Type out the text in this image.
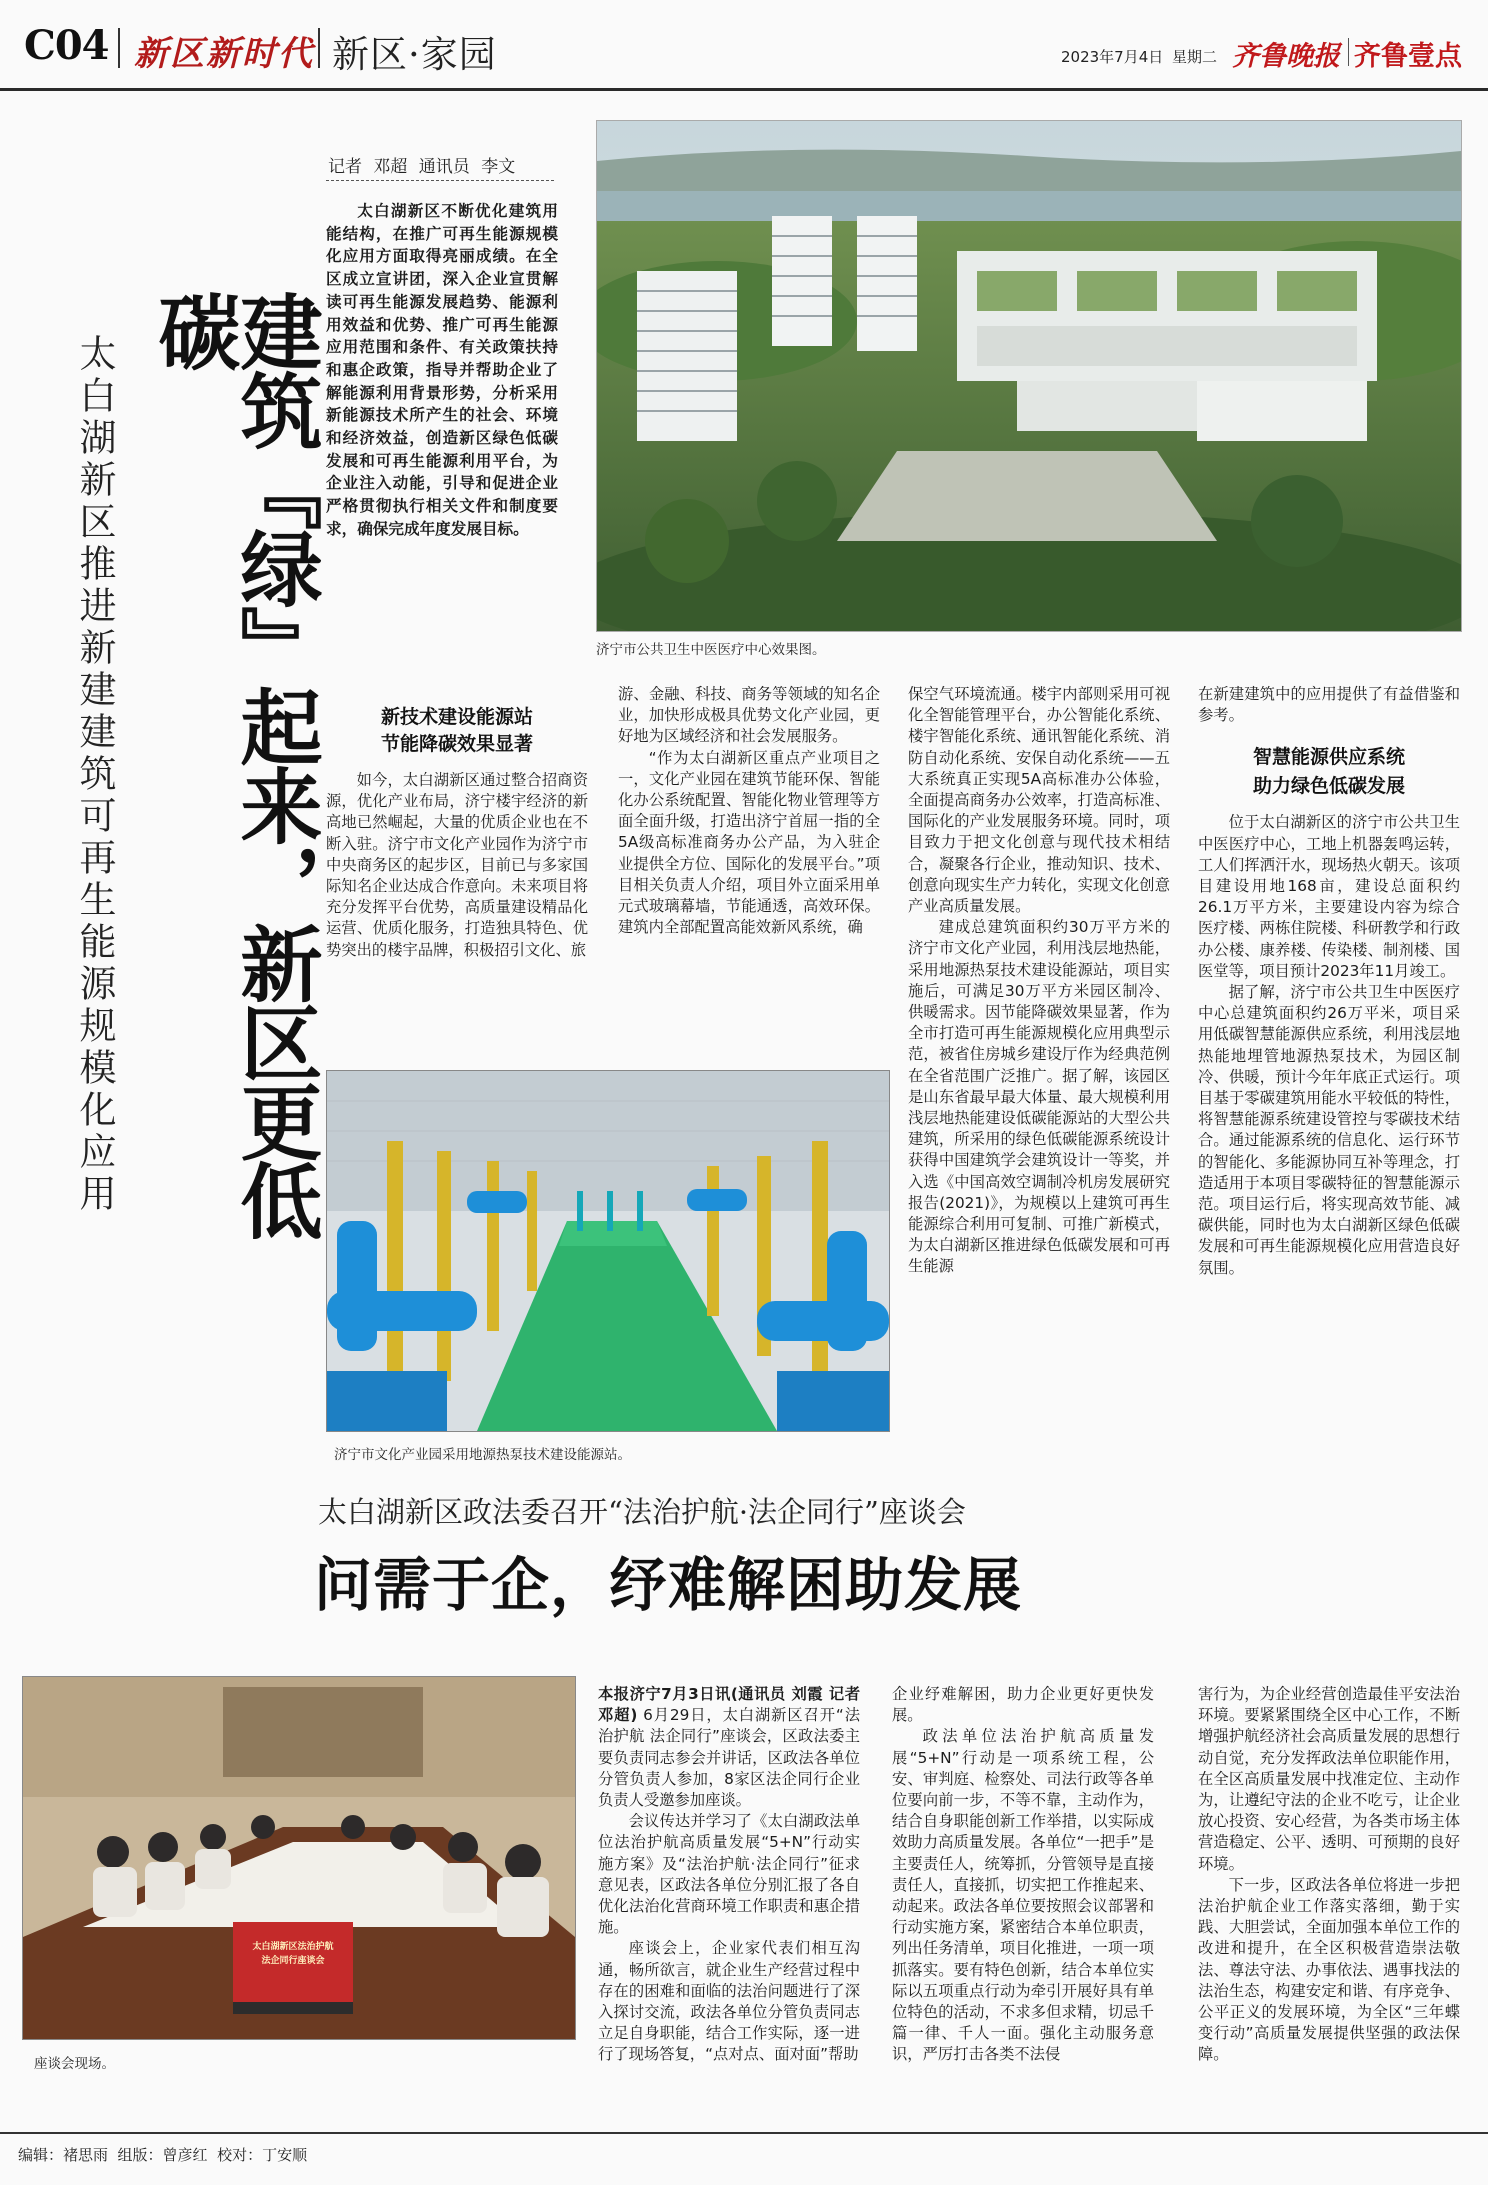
C04 新区新时代 新区·家园	2023年7月4日 星期二 齐鲁晚报 齐鲁壹点
记者 邓超 通讯员 李文

太白湖新区不断优化建筑用能结构，在推广可再生能源规模化应用方面取得亮丽成绩。在全区成立宣讲团，深入企业宣贯解读可再生能源发展趋势、能源利用效益和优势、推广可再生能源应用范围和条件、有关政策扶持和惠企政策，指导并帮助企业了解能源利用背景形势，分析采用新能源技术所产生的社会、环境和经济效益，创造新区绿色低碳发展和可再生能源利用平台，为企业注入动能，引导和促进企业严格贯彻执行相关文件和制度要求，确保完成年度发展目标。

建筑『绿』起来，新区更低碳
太白湖新区推进新建建筑可再生能源规模化应用	济宁市公共卫生中医医疗中心效果图。
新技术建设能源站
节能降碳效果显著

如今，太白湖新区通过整合招商资源，优化产业布局，济宁楼宇经济的新高地已然崛起，大量的优质企业也在不断入驻。济宁市文化产业园作为济宁市中央商务区的起步区，目前已与多家国际知名企业达成合作意向。未来项目将充分发挥平台优势，高质量建设精品化运营、优质化服务，打造独具特色、优势突出的楼宇品牌，积极招引文化、旅

游、金融、科技、商务等领域的知名企业，加快形成极具优势文化产业园，更好地为区域经济和社会发展服务。

“作为太白湖新区重点产业项目之一，文化产业园在建筑节能环保、智能化办公系统配置、智能化物业管理等方面全面升级，打造出济宁首屈一指的全5A级高标准商务办公产品，为入驻企业提供全方位、国际化的发展平台。”项目相关负责人介绍，项目外立面采用单元式玻璃幕墙，节能通透，高效环保。建筑内全部配置高能效新风系统，确

保空气环境流通。楼宇内部则采用可视化全智能管理平台，办公智能化系统、楼宇智能化系统、通讯智能化系统、消防自动化系统、安保自动化系统——五大系统真正实现5A高标准办公体验，全面提高商务办公效率，打造高标准、国际化的产业发展服务环境。同时，项目致力于把文化创意与现代技术相结合，凝聚各行企业，推动知识、技术、创意向现实生产力转化，实现文化创意产业高质量发展。

建成总建筑面积约30万平方米的济宁市文化产业园，利用浅层地热能，采用地源热泵技术建设能源站，项目实施后，可满足30万平方米园区制冷、供暖需求。因节能降碳效果显著，作为全市打造可再生能源规模化应用典型示范，被省住房城乡建设厅作为经典范例在全省范围广泛推广。据了解，该园区是山东省最早最大体量、最大规模利用浅层地热能建设低碳能源站的大型公共建筑，所采用的绿色低碳能源系统设计获得中国建筑学会建筑设计一等奖，并入选《中国高效空调制冷机房发展研究报告(2021)》，为规模以上建筑可再生能源综合利用可复制、可推广新模式，为太白湖新区推进绿色低碳发展和可再生能源

在新建建筑中的应用提供了有益借鉴和参考。

智慧能源供应系统
助力绿色低碳发展

位于太白湖新区的济宁市公共卫生中医医疗中心，工地上机器轰鸣运转，工人们挥洒汗水，现场热火朝天。该项目建设用地168亩，建设总面积约26.1万平方米，主要建设内容为综合医疗楼、两栋住院楼、科研教学和行政办公楼、康养楼、传染楼、制剂楼、国医堂等，项目预计2023年11月竣工。

据了解，济宁市公共卫生中医医疗中心总建筑面积约26万平米，项目采用低碳智慧能源供应系统，利用浅层地热能地埋管地源热泵技术，为园区制冷、供暖，预计今年年底正式运行。项目基于零碳建筑用能水平较低的特性，将智慧能源系统建设管控与零碳技术结合。通过能源系统的信息化、运行环节的智能化、多能源协同互补等理念，打造适用于本项目零碳特征的智慧能源示范。项目运行后，将实现高效节能、减碳供能，同时也为太白湖新区绿色低碳发展和可再生能源规模化应用营造良好氛围。

济宁市文化产业园采用地源热泵技术建设能源站。
太白湖新区政法委召开“法治护航·法企同行”座谈会
问需于企，纾难解困助发展
太白湖新区法治护航
法企同行座谈会
座谈会现场。

本报济宁7月3日讯(通讯员 刘霞 记者 邓超) 6月29日，太白湖新区召开“法治护航 法企同行”座谈会，区政法委主要负责同志参会并讲话，区政法各单位分管负责人参加，8家区法企同行企业负责人受邀参加座谈。

会议传达并学习了《太白湖政法单位法治护航高质量发展“5+N”行动实施方案》及“法治护航·法企同行”征求意见表，区政法各单位分别汇报了各自优化法治化营商环境工作职责和惠企措施。

座谈会上，企业家代表们相互沟通，畅所欲言，就企业生产经营过程中存在的困难和面临的法治问题进行了深入探讨交流，政法各单位分管负责同志立足自身职能，结合工作实际，逐一进行了现场答复，“点对点、面对面”帮助

企业纾难解困，助力企业更好更快发展。

政法单位法治护航高质量发展“5+N”行动是一项系统工程，公安、审判庭、检察处、司法行政等各单位要向前一步，不等不靠，主动作为，结合自身职能创新工作举措，以实际成效助力高质量发展。各单位“一把手”是主要责任人，统筹抓，分管领导是直接责任人，直接抓，切实把工作推起来、动起来。政法各单位要按照会议部署和行动实施方案，紧密结合本单位职责，列出任务清单，项目化推进，一项一项抓落实。要有特色创新，结合本单位实际以五项重点行动为牵引开展好具有单位特色的活动，不求多但求精，切忌千篇一律、千人一面。强化主动服务意识，严厉打击各类不法侵

害行为，为企业经营创造最佳平安法治环境。要紧紧围绕全区中心工作，不断增强护航经济社会高质量发展的思想行动自觉，充分发挥政法单位职能作用，在全区高质量发展中找准定位、主动作为，让遵纪守法的企业不吃亏，让企业放心投资、安心经营，为各类市场主体营造稳定、公平、透明、可预期的良好环境。

下一步，区政法各单位将进一步把法治护航企业工作落实落细，勤于实践、大胆尝试，全面加强本单位工作的改进和提升，在全区积极营造崇法敬法、尊法守法、办事依法、遇事找法的法治生态，构建安定和谐、有序竞争、公平正义的发展环境，为全区“三年蝶变行动”高质量发展提供坚强的政法保障。

编辑：褚思雨  组版：曾彦红  校对：丁安顺
